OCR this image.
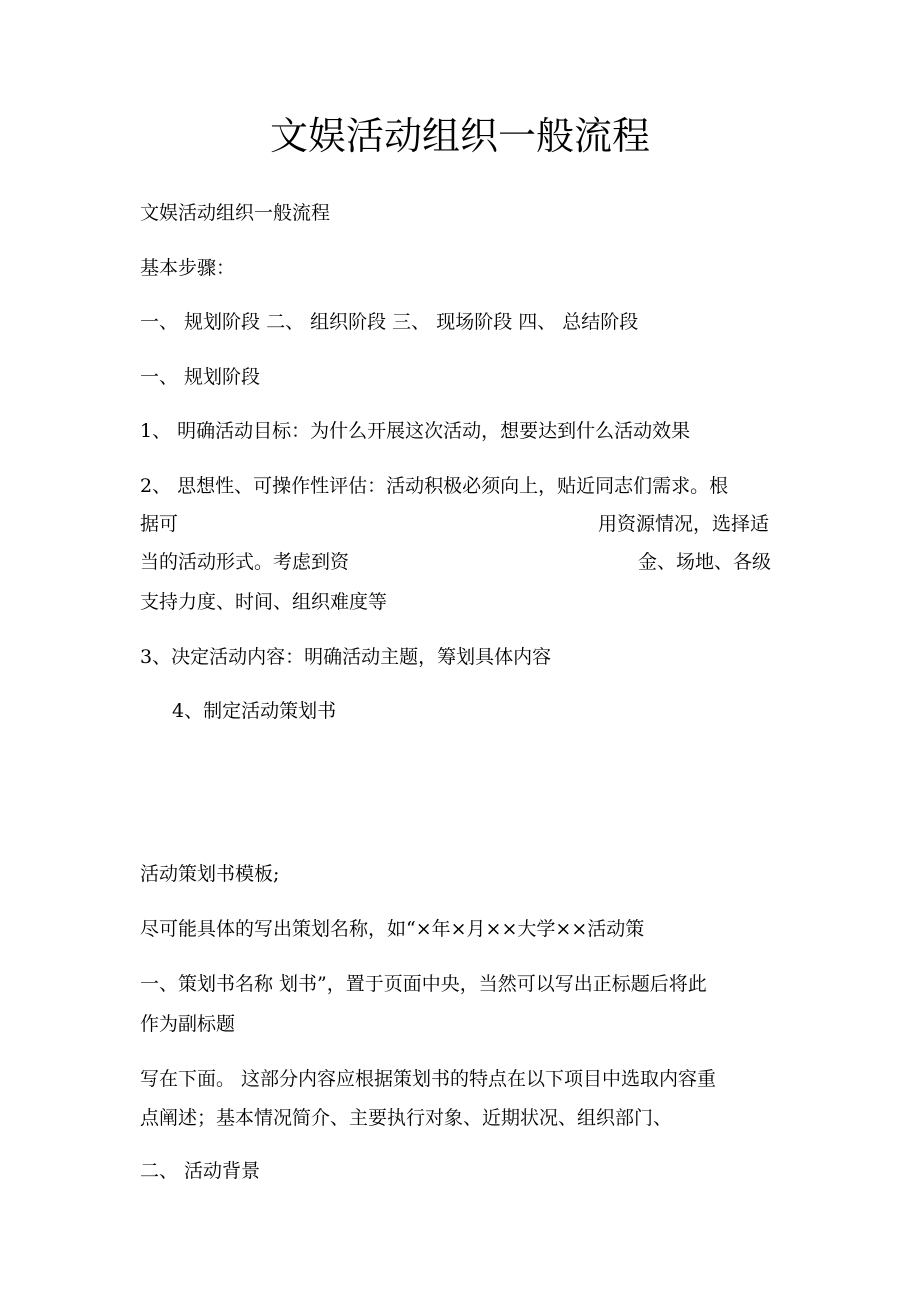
文娱活动组织一般流程
文娱活动组织一般流程
基本步骤：
一、 规划阶段 二、 组织阶段 三、 现场阶段 四、 总结阶段
一、 规划阶段
1、 明确活动目标：为什么开展这次活动，想要达到什么活动效果
2、 思想性、可操作性评估：活动积极必须向上，贴近同志们需求。根
据可	用资源情况，选择适
当的活动形式。考虑到资	金、场地、各级
支持力度、时间、组织难度等
3、决定活动内容：明确活动主题，筹划具体内容
4、制定活动策划书
活动策划书模板;
尽可能具体的写出策划名称，如“×年×月××大学××活动策
一、策划书名称 划书”，置于页面中央，当然可以写出正标题后将此
作为副标题
写在下面。 这部分内容应根据策划书的特点在以下项目中选取内容重
点阐述；基本情况简介、主要执行对象、近期状况、组织部门、
二、 活动背景
